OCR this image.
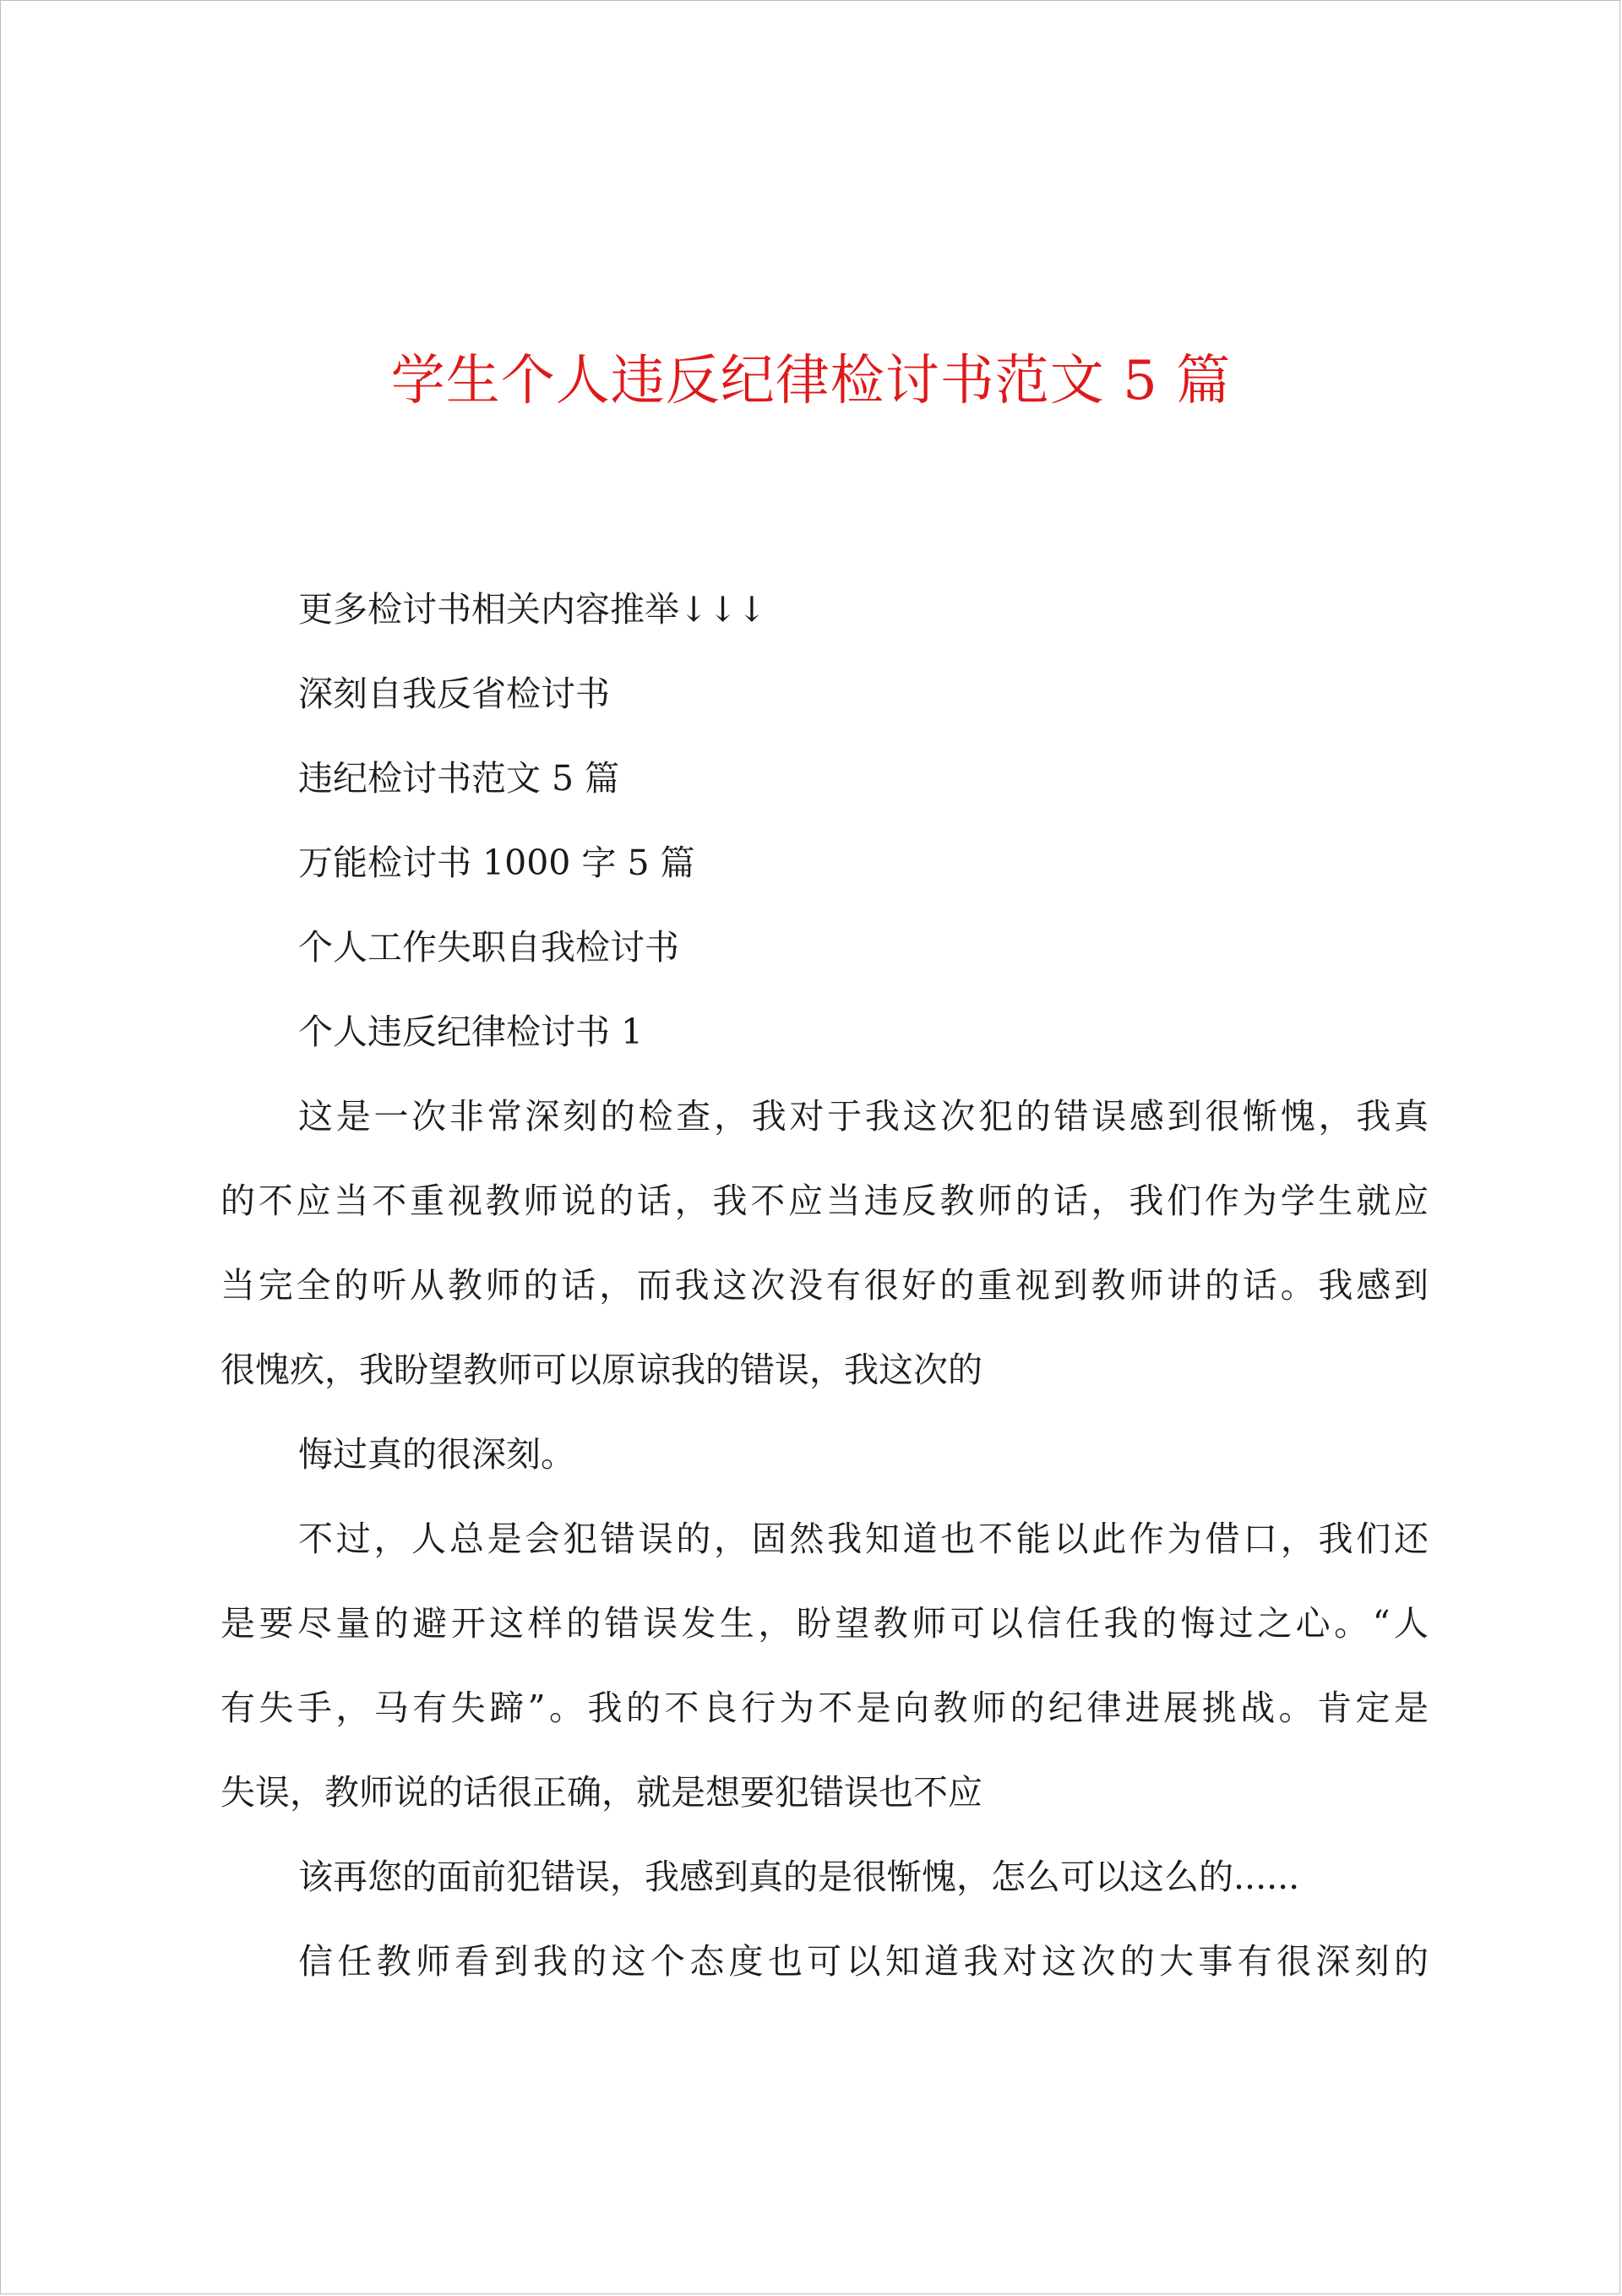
学生个人违反纪律检讨书范文 5 篇
更多检讨书相关内容推举↓↓↓
深刻自我反省检讨书
违纪检讨书范文 5 篇
万能检讨书 1000 字 5 篇
个人工作失职自我检讨书
个人违反纪律检讨书 1
这是一次非常深刻的检查，我对于我这次犯的错误感到很惭愧，我真
的不应当不重视教师说的话，我不应当违反教师的话，我们作为学生就应
当完全的听从教师的话，而我这次没有很好的重视到教师讲的话。我感到
很愧疚，我盼望教师可以原谅我的错误，我这次的
悔过真的很深刻。
不过，人总是会犯错误的，固然我知道也不能以此作为借口，我们还
是要尽量的避开这样的错误发生，盼望教师可以信任我的悔过之心。“人
有失手，马有失蹄”。我的不良行为不是向教师的纪律进展挑战。肯定是
失误，教师说的话很正确，就是想要犯错误也不应
该再您的面前犯错误，我感到真的是很惭愧，怎么可以这么的......
信任教师看到我的这个态度也可以知道我对这次的大事有很深刻的
